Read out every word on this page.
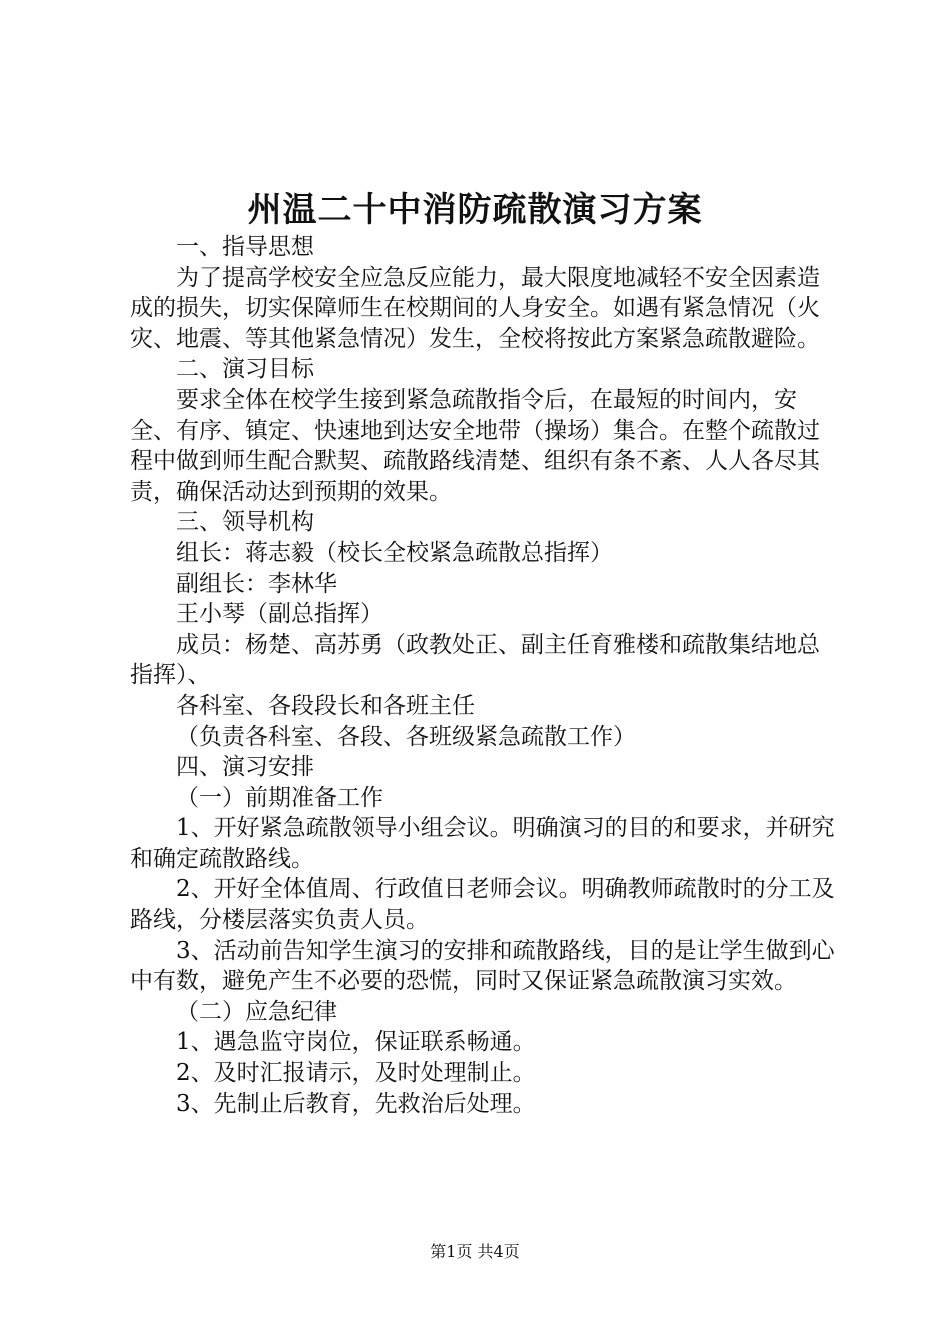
州温二十中消防疏散演习方案

一、指导思想

为了提高学校安全应急反应能力，最大限度地减轻不安全因素造成的损失，切实保障师生在校期间的人身安全。如遇有紧急情况（火灾、地震、等其他紧急情况）发生，全校将按此方案紧急疏散避险。

二、演习目标

要求全体在校学生接到紧急疏散指令后，在最短的时间内，安全、有序、镇定、快速地到达安全地带（操场）集合。在整个疏散过程中做到师生配合默契、疏散路线清楚、组织有条不紊、人人各尽其责，确保活动达到预期的效果。

三、领导机构

组长：蒋志毅（校长全校紧急疏散总指挥）

副组长：李林华

王小琴（副总指挥）

成员：杨楚、高苏勇（政教处正、副主任育雅楼和疏散集结地总指挥）、

各科室、各段段长和各班主任

（负责各科室、各段、各班级紧急疏散工作）

四、演习安排

（一）前期准备工作

1、开好紧急疏散领导小组会议。明确演习的目的和要求，并研究和确定疏散路线。

2、开好全体值周、行政值日老师会议。明确教师疏散时的分工及路线，分楼层落实负责人员。

3、活动前告知学生演习的安排和疏散路线，目的是让学生做到心中有数，避免产生不必要的恐慌，同时又保证紧急疏散演习实效。

（二）应急纪律

1、遇急监守岗位，保证联系畅通。

2、及时汇报请示，及时处理制止。

3、先制止后教育，先救治后处理。

第1页 共4页
